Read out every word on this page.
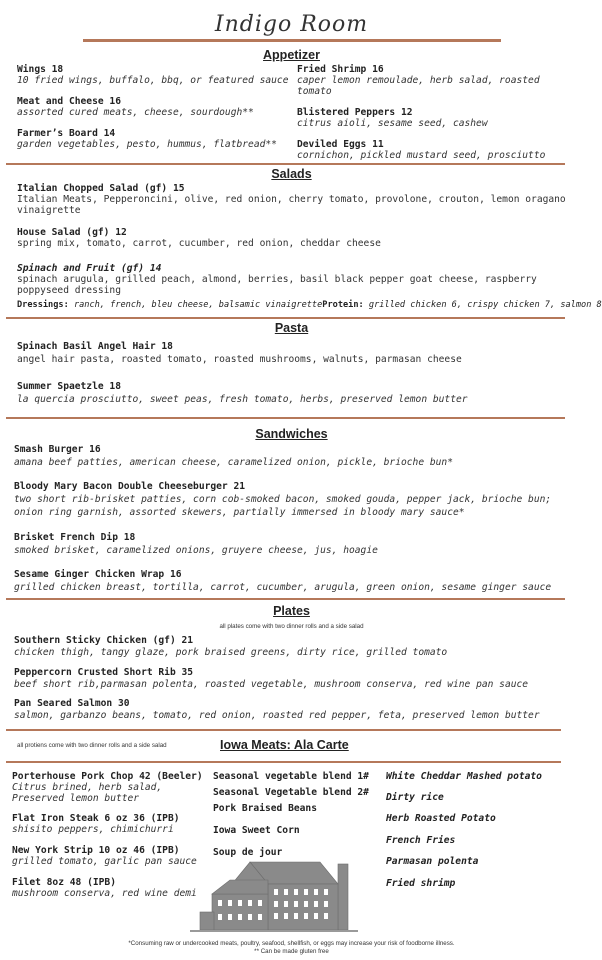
Indigo Room
Appetizer
Wings 18
10 fried wings, buffalo, bbq, or featured sauce
Meat and Cheese 16
assorted cured meats, cheese, sourdough**
Farmer’s Board 14
garden vegetables, pesto, hummus, flatbread**
Fried Shrimp 16
caper lemon remoulade, herb salad, roasted
tomato
Blistered Peppers 12
citrus aioli, sesame seed, cashew
Deviled Eggs 11
cornichon, pickled mustard seed, prosciutto
Salads
Italian Chopped Salad (gf) 15
Italian Meats, Pepperoncini, olive, red onion, cherry tomato, provolone, crouton, lemon oragano
vinaigrette
House Salad (gf) 12
spring mix, tomato, carrot, cucumber, red onion, cheddar cheese
Spinach and Fruit (gf) 14
spinach arugula, grilled peach, almond, berries, basil black pepper goat cheese, raspberry
poppyseed dressing
Dressings: ranch, french, bleu cheese, balsamic vinaigretteProtein: grilled chicken 6, crispy chicken 7, salmon 8
Pasta
Spinach Basil Angel Hair 18
angel hair pasta, roasted tomato, roasted mushrooms, walnuts, parmasan cheese
Summer Spaetzle 18
la quercia prosciutto, sweet peas, fresh tomato, herbs, preserved lemon butter
Sandwiches
Smash Burger 16
amana beef patties, american cheese, caramelized onion, pickle, brioche bun*
Bloody Mary Bacon Double Cheeseburger 21
two short rib-brisket patties, corn cob-smoked bacon, smoked gouda, pepper jack, brioche bun;
onion ring garnish, assorted skewers, partially immersed in bloody mary sauce*
Brisket French Dip 18
smoked brisket, caramelized onions, gruyere cheese, jus, hoagie
Sesame Ginger Chicken Wrap 16
grilled chicken breast, tortilla, carrot, cucumber, arugula, green onion, sesame ginger sauce
Plates
all plates come with two dinner rolls and a side salad
Southern Sticky Chicken (gf) 21
chicken thigh, tangy glaze, pork braised greens, dirty rice, grilled tomato
Peppercorn Crusted Short Rib 35
beef short rib,parmasan polenta, roasted vegetable, mushroom conserva, red wine pan sauce
Pan Seared Salmon 30
salmon, garbanzo beans, tomato, red onion, roasted red pepper, feta, preserved lemon butter
all protiens come with two dinner rolls and a side salad	Iowa Meats: Ala Carte
Porterhouse Pork Chop 42 (Beeler)
Citrus brined, herb salad,
Preserved lemon butter
Flat Iron Steak 6 oz 36 (IPB)
shisito peppers, chimichurri
New York Strip 10 oz 46 (IPB)
grilled tomato, garlic pan sauce
Filet 8oz 48 (IPB)
mushroom conserva, red wine demi
Seasonal vegetable blend 1#
Seasonal Vegetable blend 2#
Pork Braised Beans
Iowa Sweet Corn
Soup de jour
White Cheddar Mashed potato
Dirty rice
Herb Roasted Potato
French Fries
Parmasan polenta
Fried shrimp
*Consuming raw or undercooked meats, poultry, seafood, shellfish, or eggs may increase your risk of foodborne illness.
** Can be made gluten free
